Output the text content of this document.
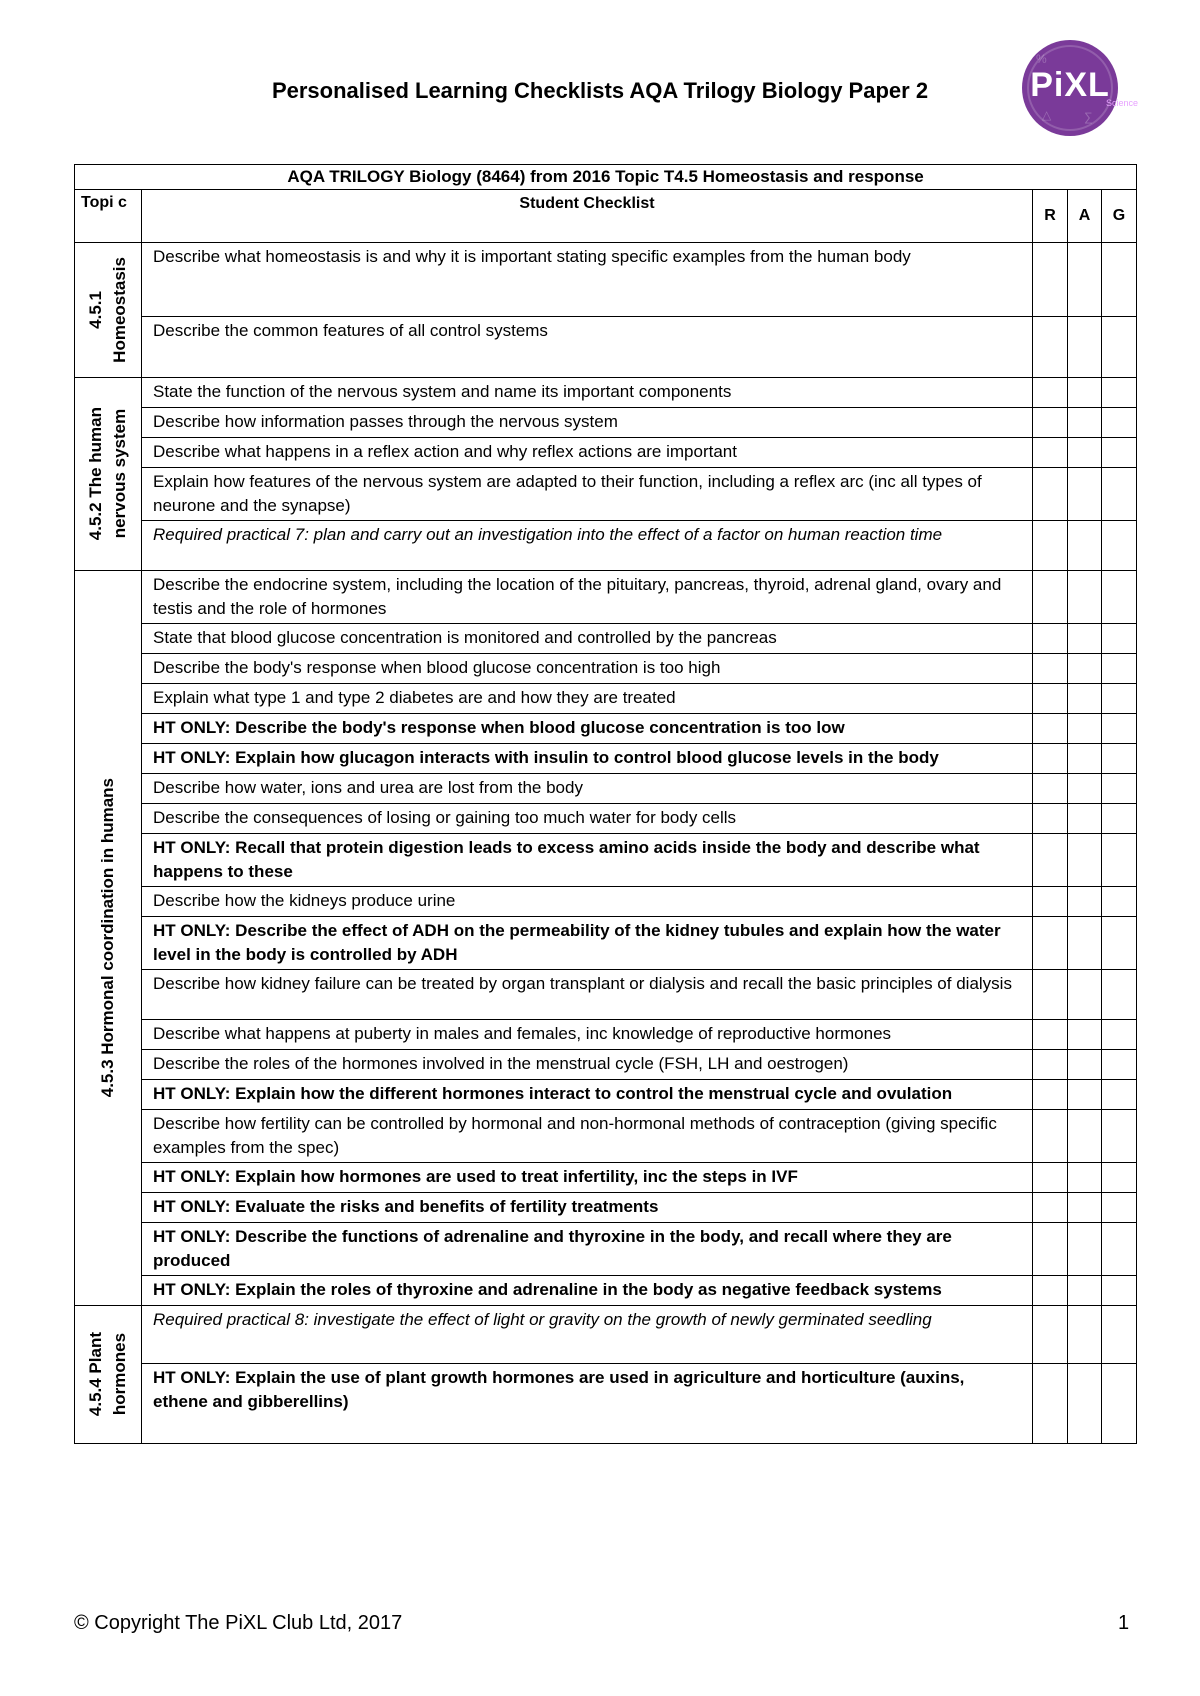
Personalised Learning Checklists AQA Trilogy Biology Paper 2
%
∑
△
PiXL
Science
AQA TRILOGY Biology (8464) from 2016 Topic T4.5 Homeostasis and response				
Topi c	Student Checklist	R	A	G

4.5.1 Homeostasis	Describe what homeostasis is and why it is important stating specific examples from the human body			
	Describe the common features of all control systems			

4.5.2 The human nervous system	State the function of the nervous system and name its important components			
	Describe how information passes through the nervous system			
	Describe what happens in a reflex action and why reflex actions are important			
	Explain how features of the nervous system are adapted to their function, including a reflex arc (inc all types of neurone and the synapse)			
	Required practical 7: plan and carry out an investigation into the effect of a factor on human reaction time			

4.5.3 Hormonal coordination in humans	Describe the endocrine system, including the location of the pituitary, pancreas, thyroid, adrenal gland, ovary and testis and the role of hormones			
	State that blood glucose concentration is monitored and controlled by the pancreas			
	Describe the body's response when blood glucose concentration is too high			
	Explain what type 1 and type 2 diabetes are and how they are treated			
	HT ONLY: Describe the body's response when blood glucose concentration is too low			
	HT ONLY: Explain how glucagon interacts with insulin to control blood glucose levels in the body			
	Describe how water, ions and urea are lost from the body			
	Describe the consequences of losing or gaining too much water for body cells			
	HT ONLY: Recall that protein digestion leads to excess amino acids inside the body and describe what happens to these			
	Describe how the kidneys produce urine			
	HT ONLY: Describe the effect of ADH on the permeability of the kidney tubules and explain how the water level in the body is controlled by ADH			
	Describe how kidney failure can be treated by organ transplant or dialysis and recall the basic principles of dialysis			
	Describe what happens at puberty in males and females, inc knowledge of reproductive hormones			
	Describe the roles of the hormones involved in the menstrual cycle (FSH, LH and oestrogen)			
	HT ONLY: Explain how the different hormones interact to control the menstrual cycle and ovulation			
	Describe how fertility can be controlled by hormonal and non-hormonal methods of contraception (giving specific examples from the spec)			
	HT ONLY: Explain how hormones are used to treat infertility, inc the steps in IVF			
	HT ONLY: Evaluate the risks and benefits of fertility treatments			
	HT ONLY: Describe the functions of adrenaline and thyroxine in the body, and recall where they are produced			
	HT ONLY: Explain the roles of thyroxine and adrenaline in the body as negative feedback systems			

4.5.4 Plant hormones	Required practical 8: investigate the effect of light or gravity on the growth of newly germinated seedling			
	HT ONLY: Explain the use of plant growth hormones are used in agriculture and horticulture (auxins, ethene and gibberellins)			
© Copyright The PiXL Club Ltd, 2017	1
